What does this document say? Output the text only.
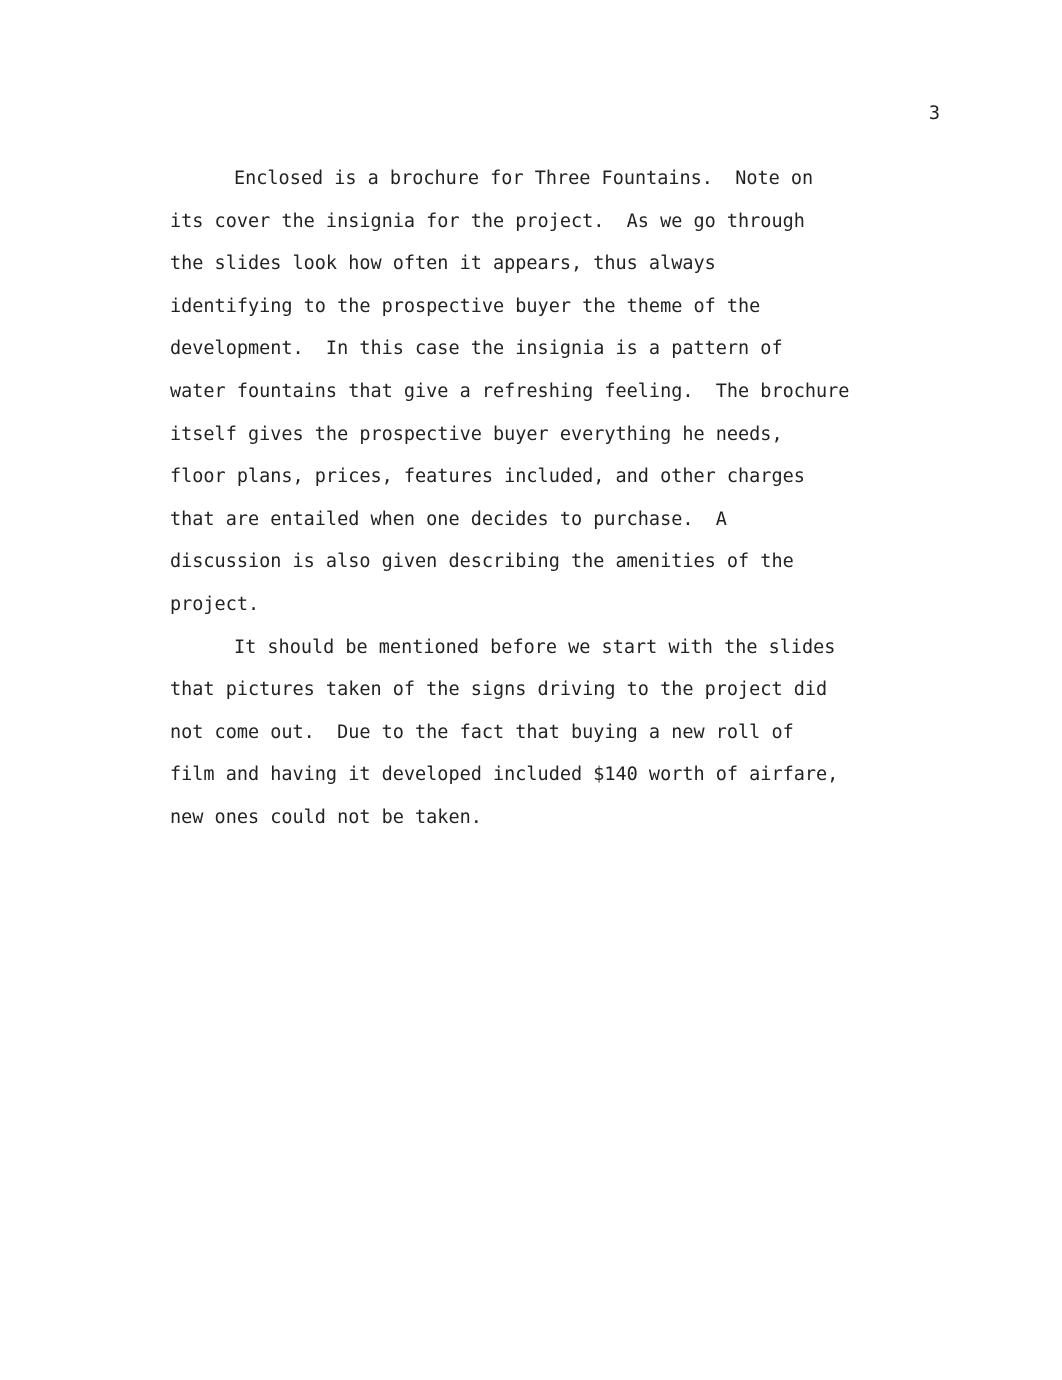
3
Enclosed is a brochure for Three Fountains.  Note on
its cover the insignia for the project.  As we go through
the slides look how often it appears, thus always
identifying to the prospective buyer the theme of the
development.  In this case the insignia is a pattern of
water fountains that give a refreshing feeling.  The brochure
itself gives the prospective buyer everything he needs,
floor plans, prices, features included, and other charges
that are entailed when one decides to purchase.  A
discussion is also given describing the amenities of the
project.
It should be mentioned before we start with the slides
that pictures taken of the signs driving to the project did
not come out.  Due to the fact that buying a new roll of
film and having it developed included $140 worth of airfare,
new ones could not be taken.
